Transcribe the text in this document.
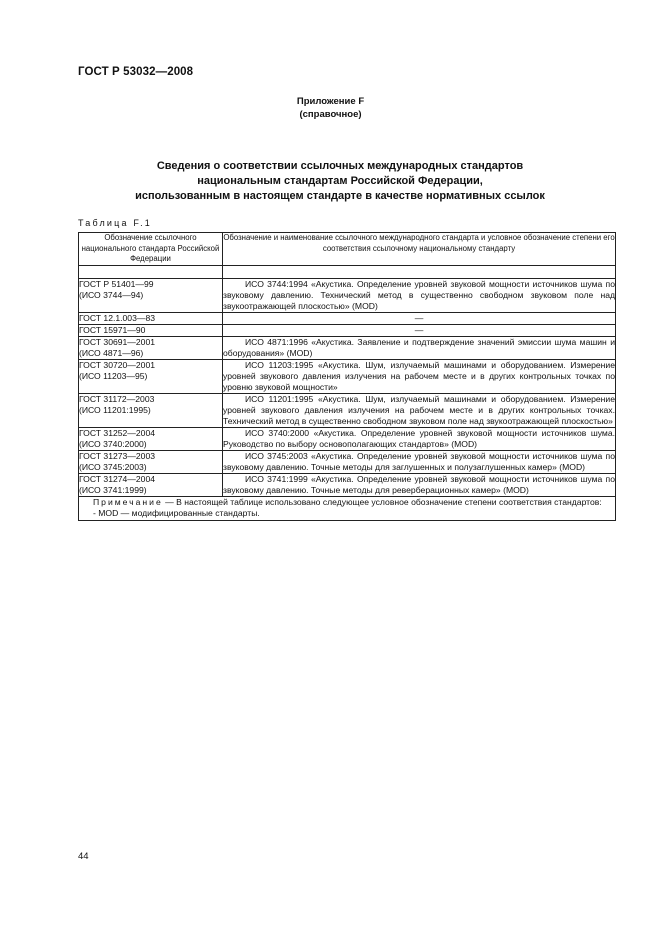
ГОСТ Р 53032—2008
Приложение F
(справочное)
Сведения о соответствии ссылочных международных стандартов
национальным стандартам Российской Федерации,
использованным в настоящем стандарте в качестве нормативных ссылок
Таблица F.1
Обозначение ссылочного национального стандарта Российской Федерации	Обозначение и наименование ссылочного международного стандарта и условное обозначение степени его соответствия ссылочному национальному стандарту

ГОСТ Р 51401—99
(ИСО 3744—94)	ИСО 3744:1994 «Акустика. Определение уровней звуковой мощности источников шума по звуковому давлению. Технический метод в существенно свободном звуковом поле над звукоотражающей плоскостью» (MOD)

ГОСТ 12.1.003—83	—

ГОСТ 15971—90	—

ГОСТ 30691—2001
(ИСО 4871—96)	ИСО 4871:1996 «Акустика. Заявление и подтверждение значений эмиссии шума машин и оборудования» (MOD)

ГОСТ 30720—2001
(ИСО 11203—95)	ИСО 11203:1995 «Акустика. Шум, излучаемый машинами и оборудованием. Измерение уровней звукового давления излучения на рабочем месте и в других контрольных точках по уровню звуковой мощности»

ГОСТ 31172—2003
(ИСО 11201:1995)	ИСО 11201:1995 «Акустика. Шум, излучаемый машинами и оборудованием. Измерение уровней звукового давления излучения на рабочем месте и в других контрольных точках. Технический метод в существенно свободном звуковом поле над звукоотражающей плоскостью»

ГОСТ 31252—2004
(ИСО 3740:2000)	ИСО 3740:2000 «Акустика. Определение уровней звуковой мощности источников шума. Руководство по выбору основополагающих стандартов» (MOD)

ГОСТ 31273—2003
(ИСО 3745:2003)	ИСО 3745:2003 «Акустика. Определение уровней звуковой мощности источников шума по звуковому давлению. Точные методы для заглушенных и полузаглушенных камер» (MOD)

ГОСТ 31274—2004
(ИСО 3741:1999)	ИСО 3741:1999 «Акустика. Определение уровней звуковой мощности источников шума по звуковому давлению. Точные методы для реверберационных камер» (MOD)

Примечание — В настоящей таблице использовано следующее условное обозначение степени соответствия стандартов:
- MOD — модифицированные стандарты.	
44
